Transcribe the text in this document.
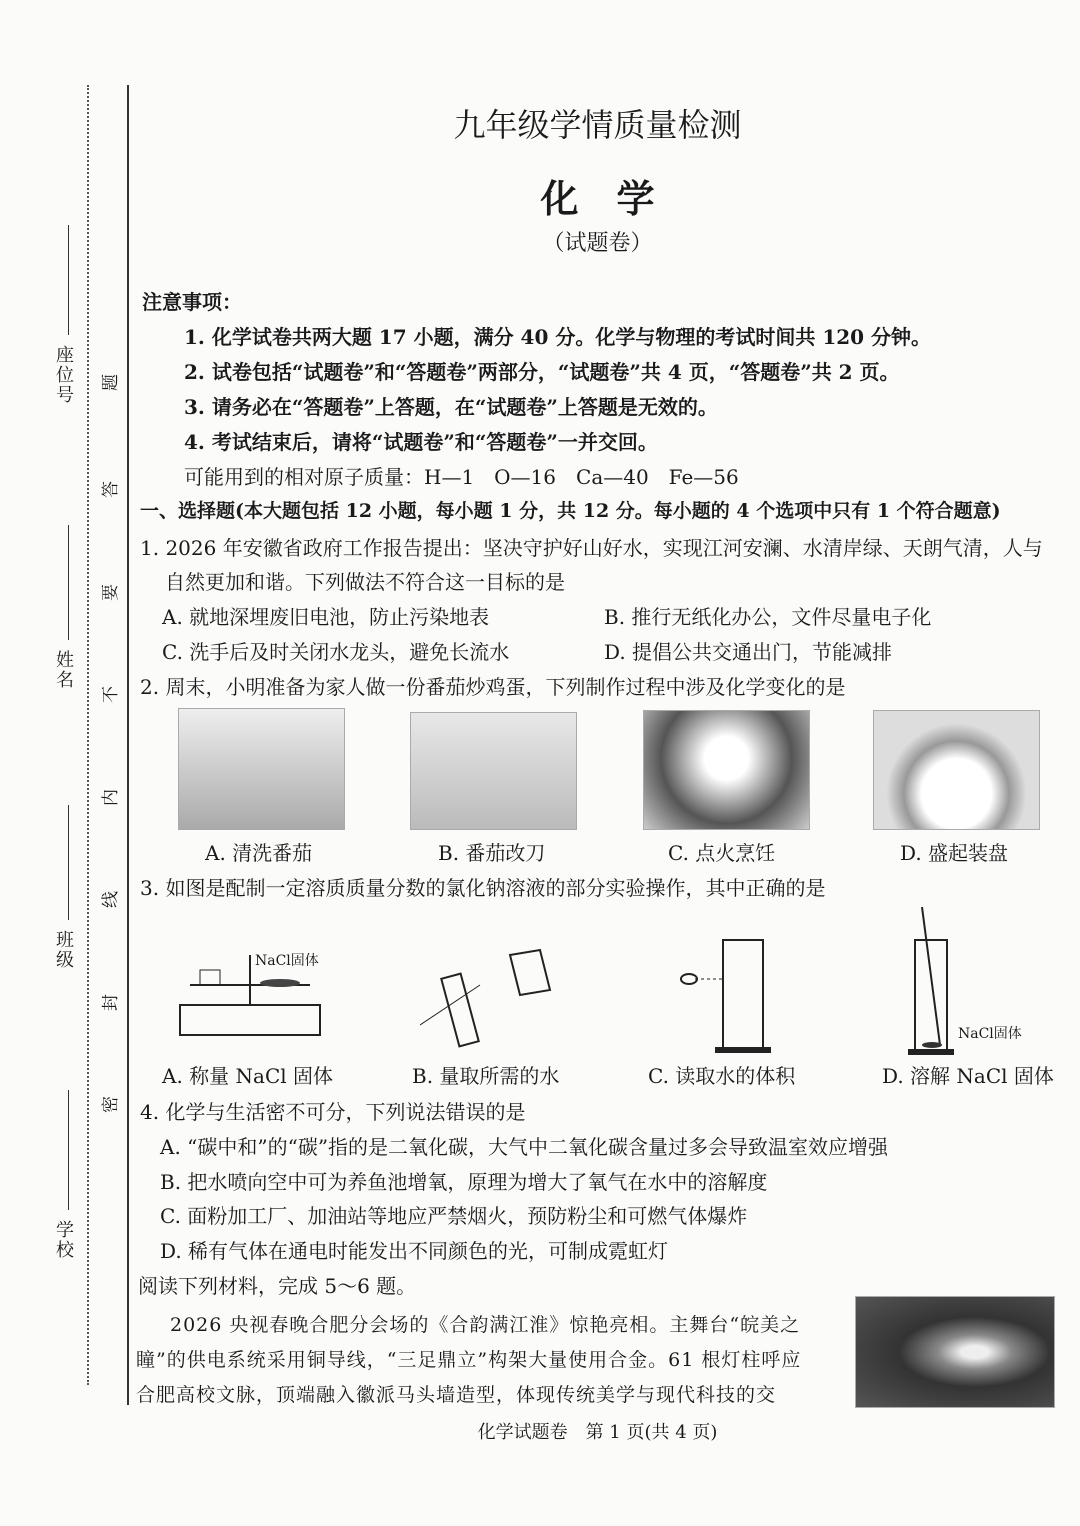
座位号
姓名
班级
学校
题
答
要
不
内
线
封
密
九年级学情质量检测
化　学
（试题卷）
注意事项：
1. 化学试卷共两大题 17 小题，满分 40 分。化学与物理的考试时间共 120 分钟。
2. 试卷包括“试题卷”和“答题卷”两部分，“试题卷”共 4 页，“答题卷”共 2 页。
3. 请务必在“答题卷”上答题，在“试题卷”上答题是无效的。
4. 考试结束后，请将“试题卷”和“答题卷”一并交回。
可能用到的相对原子质量：H—1　O—16　Ca—40　Fe—56
一、选择题(本大题包括 12 小题，每小题 1 分，共 12 分。每小题的 4 个选项中只有 1 个符合题意)
1. 2026 年安徽省政府工作报告提出：坚决守护好山好水，实现江河安澜、水清岸绿、天朗气清，人与
自然更加和谐。下列做法不符合这一目标的是
A. 就地深埋废旧电池，防止污染地表	B. 推行无纸化办公，文件尽量电子化
C. 洗手后及时关闭水龙头，避免长流水	D. 提倡公共交通出门，节能减排
2. 周末，小明准备为家人做一份番茄炒鸡蛋，下列制作过程中涉及化学变化的是
A. 清洗番茄	B. 番茄改刀	C. 点火烹饪	D. 盛起装盘
3. 如图是配制一定溶质质量分数的氯化钠溶液的部分实验操作，其中正确的是
NaCl固体
NaCl固体
A. 称量 NaCl 固体	B. 量取所需的水	C. 读取水的体积	D. 溶解 NaCl 固体
4. 化学与生活密不可分，下列说法错误的是
A. “碳中和”的“碳”指的是二氧化碳，大气中二氧化碳含量过多会导致温室效应增强
B. 把水喷向空中可为养鱼池增氧，原理为增大了氧气在水中的溶解度
C. 面粉加工厂、加油站等地应严禁烟火，预防粉尘和可燃气体爆炸
D. 稀有气体在通电时能发出不同颜色的光，可制成霓虹灯
阅读下列材料，完成 5～6 题。
　2026 央视春晚合肥分会场的《合韵满江淮》惊艳亮相。主舞台“皖美之
瞳”的供电系统采用铜导线，“三足鼎立”构架大量使用合金。61 根灯柱呼应
合肥高校文脉，顶端融入徽派马头墙造型，体现传统美学与现代科技的交
化学试题卷　第 1 页(共 4 页)
